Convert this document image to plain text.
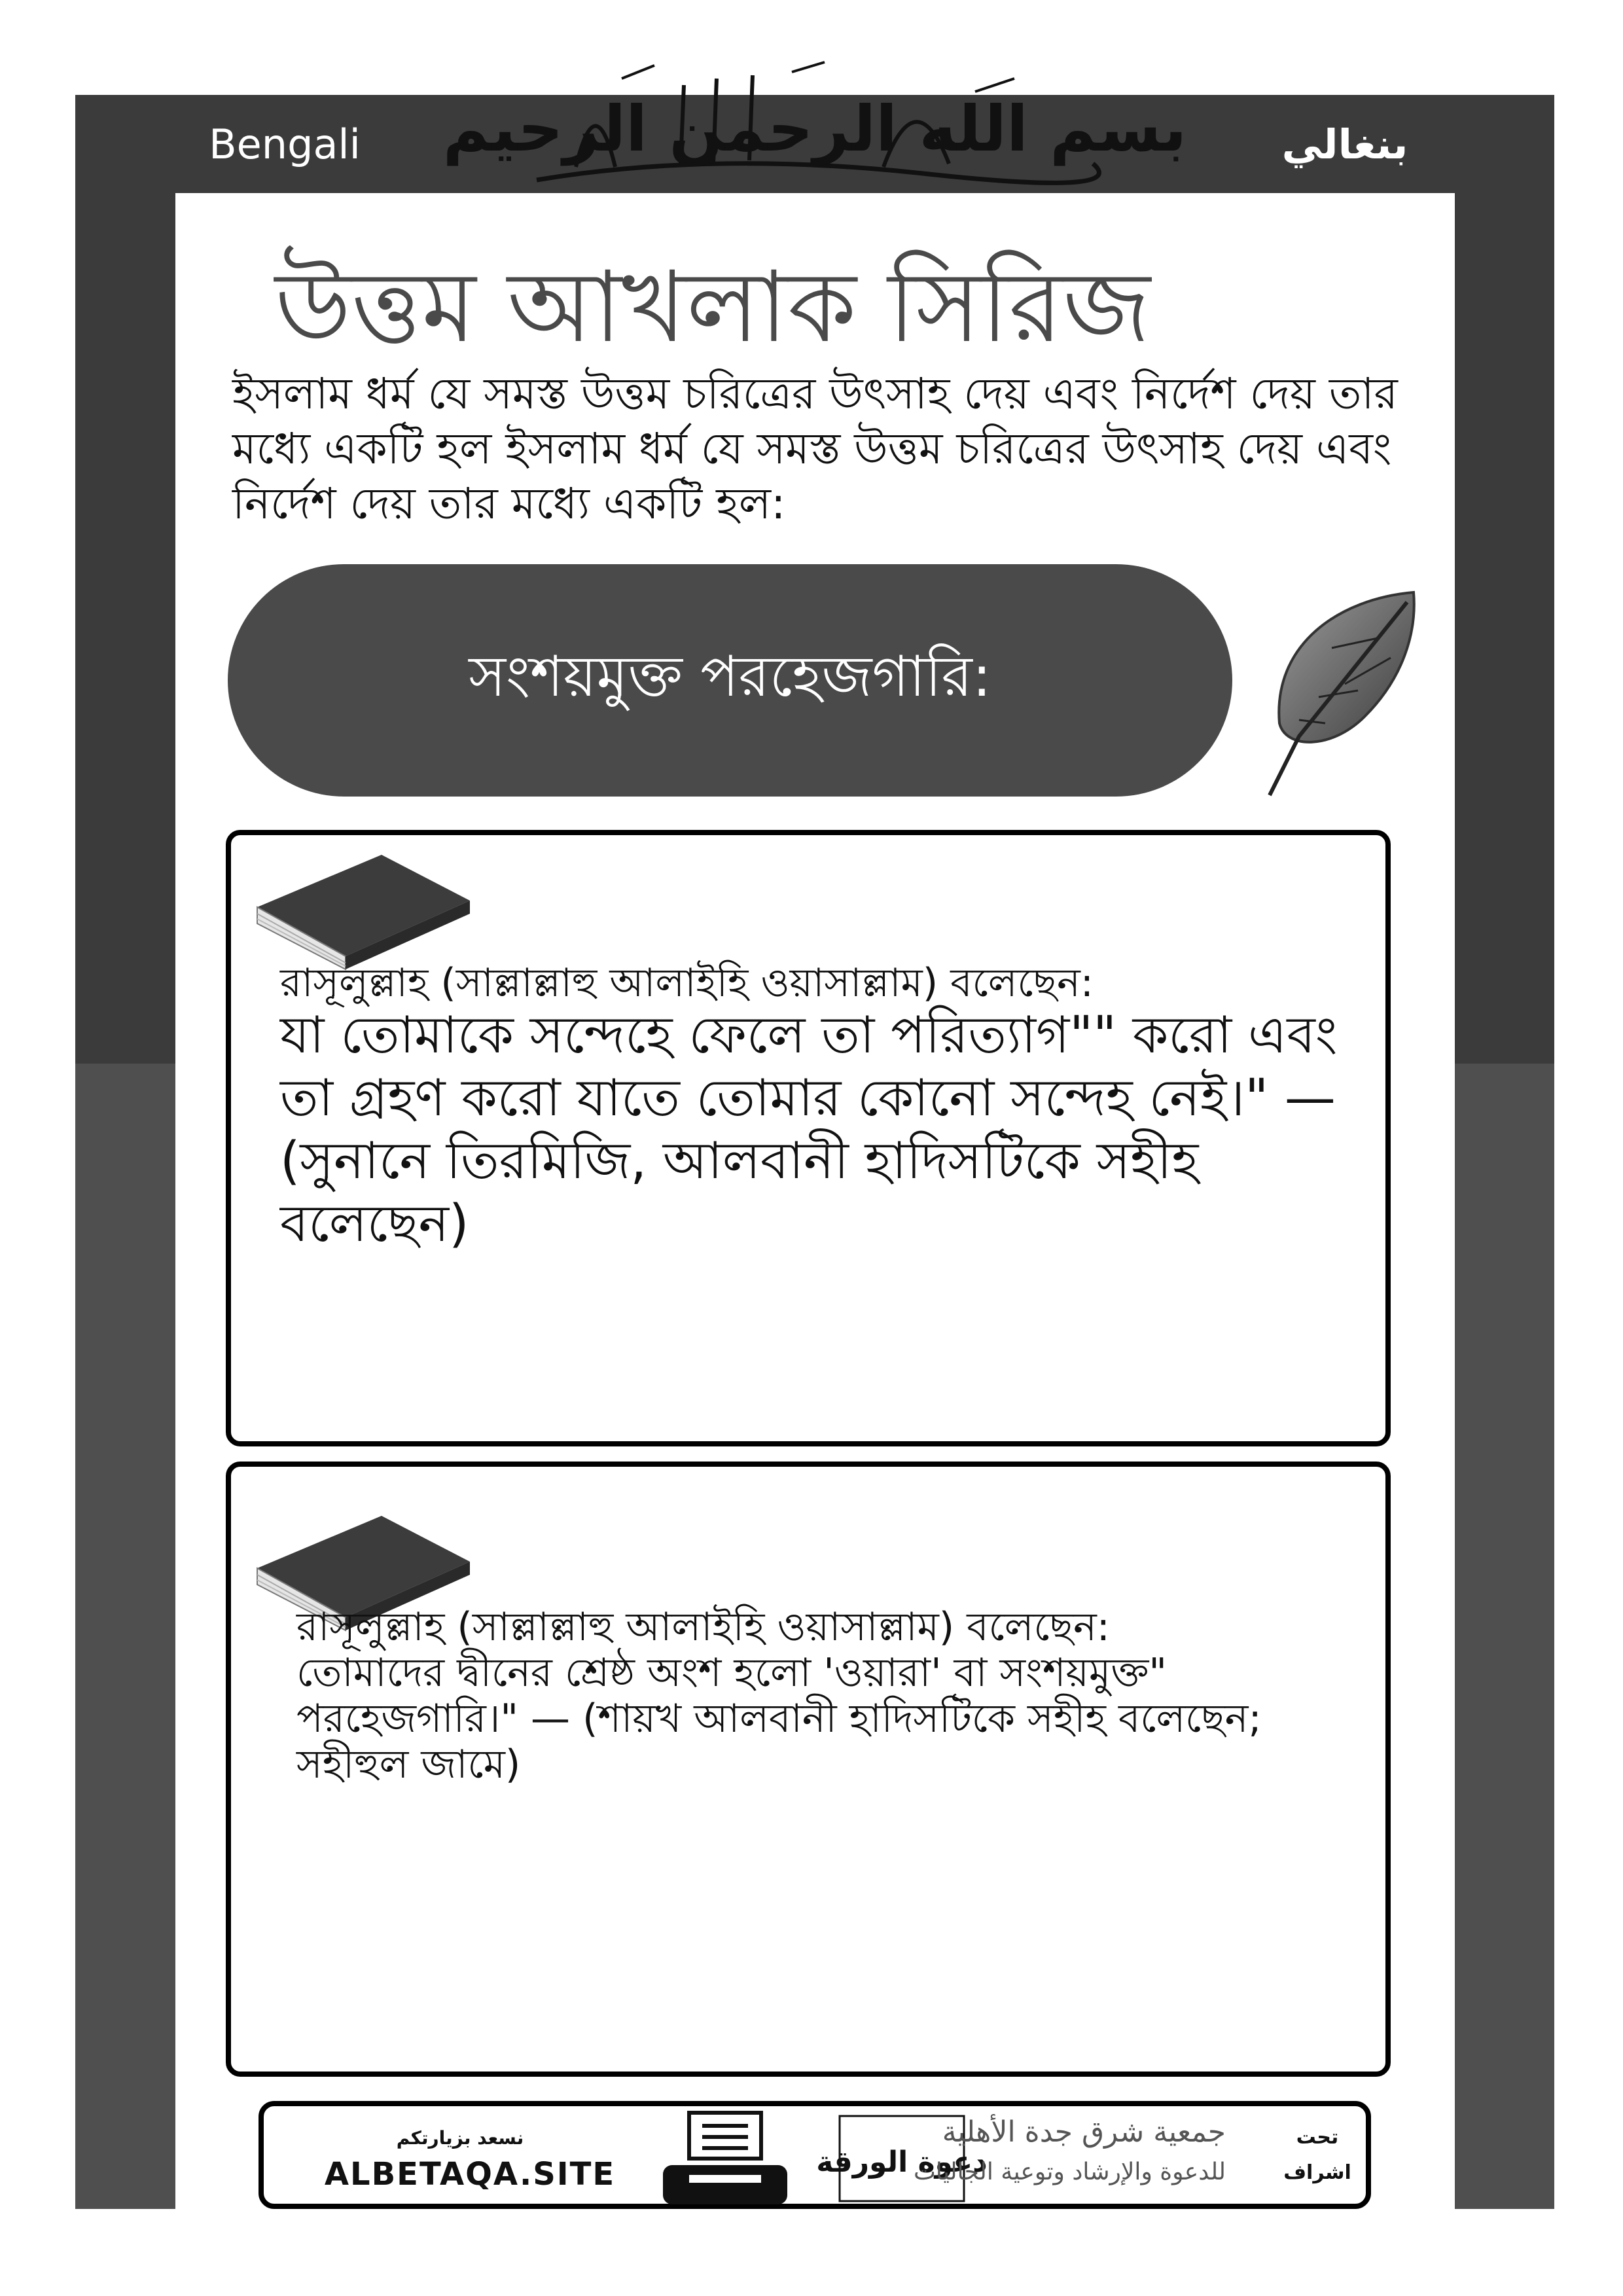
Bengali	بنغالي
بسم الله الرحمن الرحيم
উত্তম আখলাক সিরিজ
ইসলাম ধর্ম যে সমস্ত উত্তম চরিত্রের উৎসাহ দেয় এবং নির্দেশ দেয় তার মধ্যে একটি হল ইসলাম ধর্ম যে সমস্ত উত্তম চরিত্রের উৎসাহ দেয় এবং নির্দেশ দেয় তার মধ্যে একটি হল:
সংশয়মুক্ত পরহেজগারি:
রাসূলুল্লাহ (সাল্লাল্লাহু আলাইহি ওয়াসাল্লাম) বলেছেন:
যা তোমাকে সন্দেহে ফেলে তা পরিত্যাগ"" করো এবং তা গ্রহণ করো যাতে তোমার কোনো সন্দেহ নেই।" — (সুনানে তিরমিজি, আলবানী হাদিসটিকে সহীহ বলেছেন)
রাসূলুল্লাহ (সাল্লাল্লাহু আলাইহি ওয়াসাল্লাম) বলেছেন:
তোমাদের দ্বীনের শ্রেষ্ঠ অংশ হলো 'ওয়ারা' বা সংশয়মুক্ত" পরহেজগারি।" — (শায়খ আলবানী হাদিসটিকে সহীহ বলেছেন; সহীহুল জামে)
نسعد بزيارتكم
ALBETAQA.SITE	دعوة الورقة
جمعية شرق جدة الأهلية
للدعوة والإرشاد وتوعية الجاليات
تحت
اشراف
